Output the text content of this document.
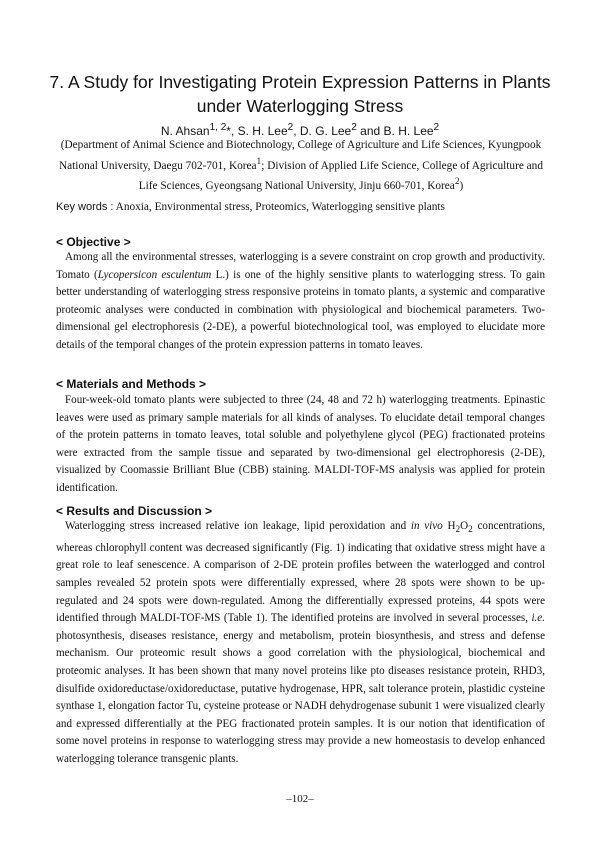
7. A Study for Investigating Protein Expression Patterns in Plants
under Waterlogging Stress
N. Ahsan$^{1, 2}$*, S. H. Lee$^2$, D. G. Lee$^2$ and B. H. Lee$^2$
(Department of Animal Science and Biotechnology, College of Agriculture and Life Sciences, Kyungpook National University, Daegu 702-701, Korea$^1$; Division of Applied Life Science, College of Agriculture and Life Sciences, Gyeongsang National University, Jinju 660-701, Korea$^2$)
Key words : Anoxia, Environmental stress, Proteomics, Waterlogging sensitive plants
< Objective >
Among all the environmental stresses, waterlogging is a severe constraint on crop growth and productivity. Tomato (Lycopersicon esculentum L.) is one of the highly sensitive plants to waterlogging stress. To gain better understanding of waterlogging stress responsive proteins in tomato plants, a systemic and comparative proteomic analyses were conducted in combination with physiological and biochemical parameters. Two-dimensional gel electrophoresis (2-DE), a powerful biotechnological tool, was employed to elucidate more details of the temporal changes of the protein expression patterns in tomato leaves.
< Materials and Methods >
Four-week-old tomato plants were subjected to three (24, 48 and 72 h) waterlogging treatments. Epinastic leaves were used as primary sample materials for all kinds of analyses. To elucidate detail temporal changes of the protein patterns in tomato leaves, total soluble and polyethylene glycol (PEG) fractionated proteins were extracted from the sample tissue and separated by two-dimensional gel electrophoresis (2-DE), visualized by Coomassie Brilliant Blue (CBB) staining. MALDI-TOF-MS analysis was applied for protein identification.
< Results and Discussion >
Waterlogging stress increased relative ion leakage, lipid peroxidation and in vivo $H_2O_2$ concentrations, whereas chlorophyll content was decreased significantly (Fig. 1) indicating that oxidative stress might have a great role to leaf senescence. A comparison of 2-DE protein profiles between the waterlogged and control samples revealed 52 protein spots were differentially expressed, where 28 spots were shown to be up-regulated and 24 spots were down-regulated. Among the differentially expressed proteins, 44 spots were identified through MALDI-TOF-MS (Table 1). The identified proteins are involved in several processes, i.e. photosynthesis, diseases resistance, energy and metabolism, protein biosynthesis, and stress and defense mechanism. Our proteomic result shows a good correlation with the physiological, biochemical and proteomic analyses. It has been shown that many novel proteins like pto diseases resistance protein, RHD3, disulfide oxidoreductase/oxidoreductase, putative hydrogenase, HPR, salt tolerance protein, plastidic cysteine synthase 1, elongation factor Tu, cysteine protease or NADH dehydrogenase subunit 1 were visualized clearly and expressed differentially at the PEG fractionated protein samples. It is our notion that identification of some novel proteins in response to waterlogging stress may provide a new homeostasis to develop enhanced waterlogging tolerance transgenic plants.
–102–
